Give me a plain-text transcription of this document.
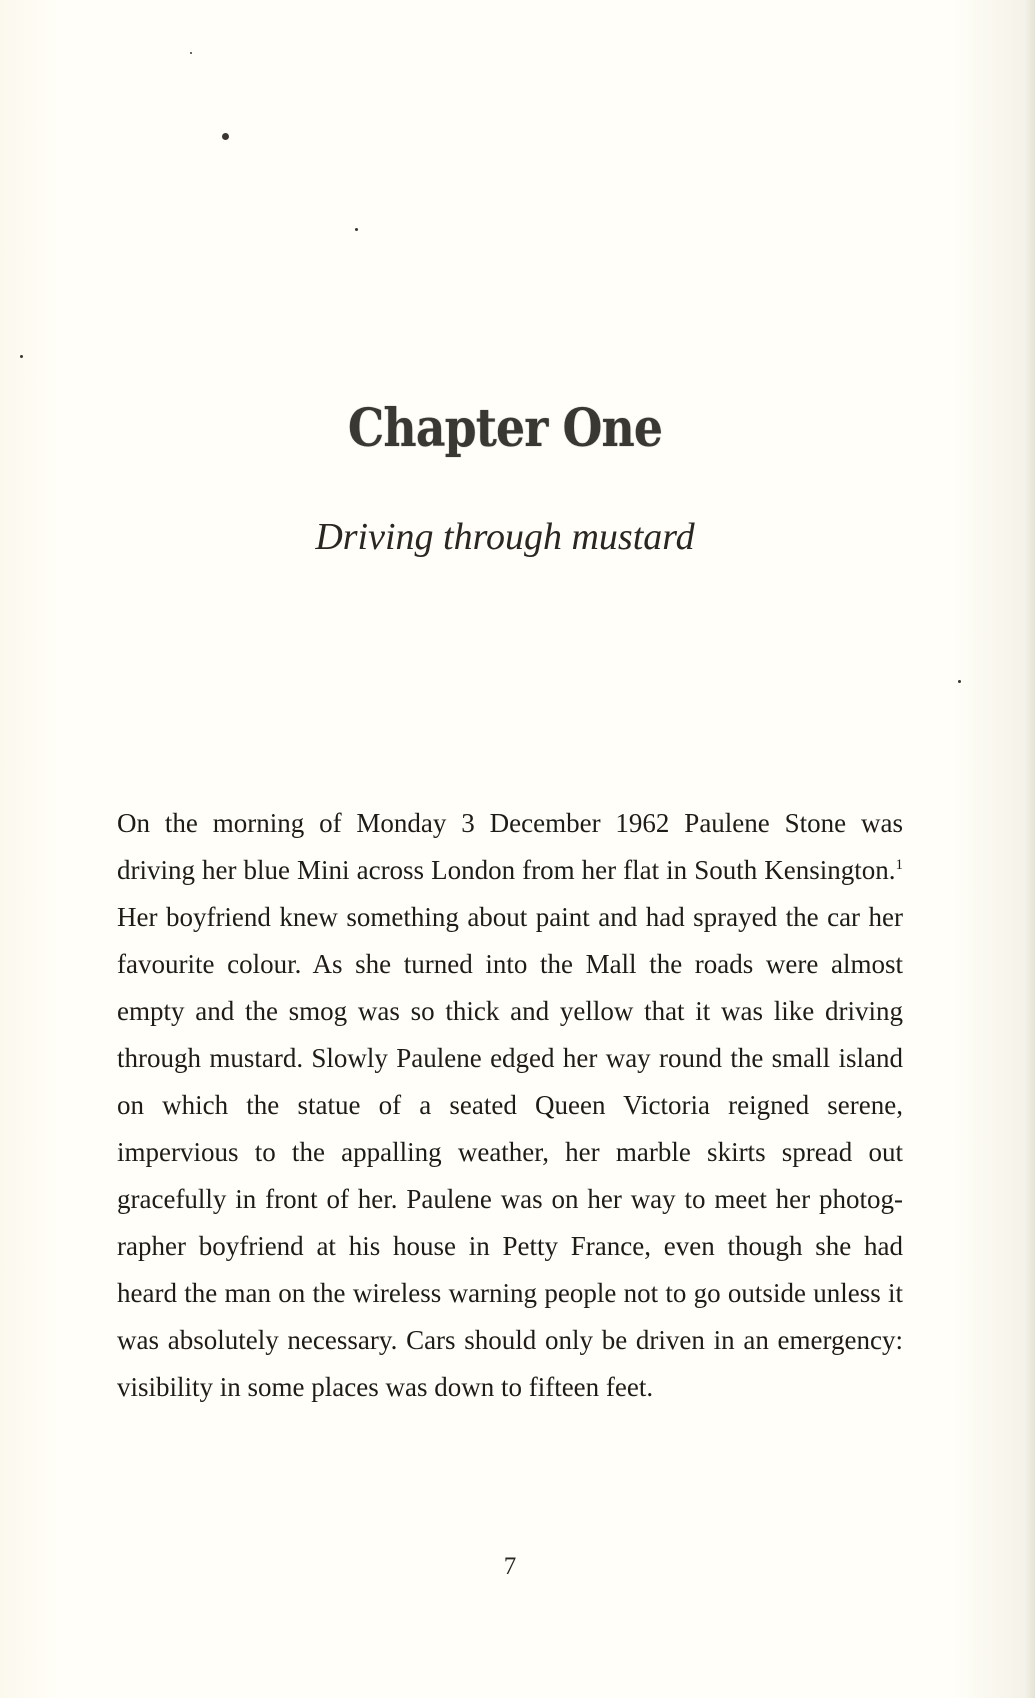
Chapter One
Driving through mustard

On the morning of Monday 3 December 1962 Paulene Stone was driving her blue Mini across London from her flat in South Kensington.$^1$ Her boyfriend knew something about paint and had sprayed the car her favourite colour. As she turned into the Mall the roads were almost empty and the smog was so thick and yellow that it was like driving through mustard. Slowly Paulene edged her way round the small island on which the statue of a seated Queen Victoria reigned serene, impervious to the appalling weather, her marble skirts spread out gracefully in front of her. Paulene was on her way to meet her photographer boyfriend at his house in Petty France, even though she had heard the man on the wireless warning people not to go outside unless it was absolutely necessary. Cars should only be driven in an emergency: visibility in some places was down to fifteen feet.

7
